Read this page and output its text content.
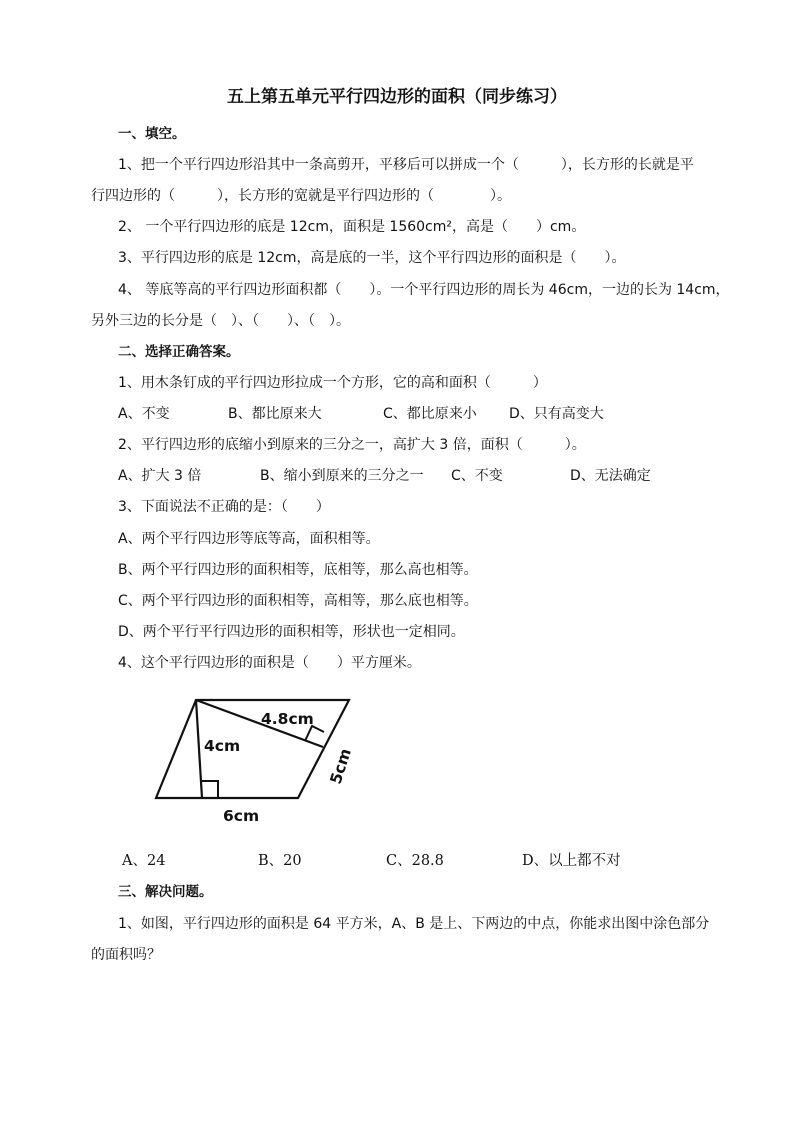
五上第五单元平行四边形的面积（同步练习）
一、填空。
1、把一个平行四边形沿其中一条高剪开，平移后可以拼成一个（　　　），长方形的长就是平
行四边形的（　　　），长方形的宽就是平行四边形的（　　　　）。
2、 一个平行四边形的底是 12cm，面积是 1560cm²，高是（　　）cm。
3、平行四边形的底是 12cm，高是底的一半，这个平行四边形的面积是（　　）。
4、 等底等高的平行四边形面积都（　　）。一个平行四边形的周长为 46cm，一边的长为 14cm，
另外三边的长分是（　）、（　　）、（　）。
二、选择正确答案。
1、用木条钉成的平行四边形拉成一个方形，它的高和面积（　　　）
A、不变	B、都比原来大	C、都比原来小 D、只有高变大
2、平行四边形的底缩小到原来的三分之一，高扩大 3 倍，面积（　　　）。
A、扩大 3 倍	B、缩小到原来的三分之一 C、不变	D、无法确定
3、下面说法不正确的是：（　　）
A、两个平行四边形等底等高，面积相等。
B、两个平行四边形的面积相等，底相等，那么高也相等。
C、两个平行四边形的面积相等，高相等，那么底也相等。
D、两个平行平行四边形的面积相等，形状也一定相同。
4、这个平行四边形的面积是（　　）平方厘米。
4.8cm
4cm
5cm
6cm
A、24	B、20	C、28.8	D、以上都不对
三、解决问题。
1、如图，平行四边形的面积是 64 平方米，A、B 是上、下两边的中点，你能求出图中涂色部分
的面积吗？
